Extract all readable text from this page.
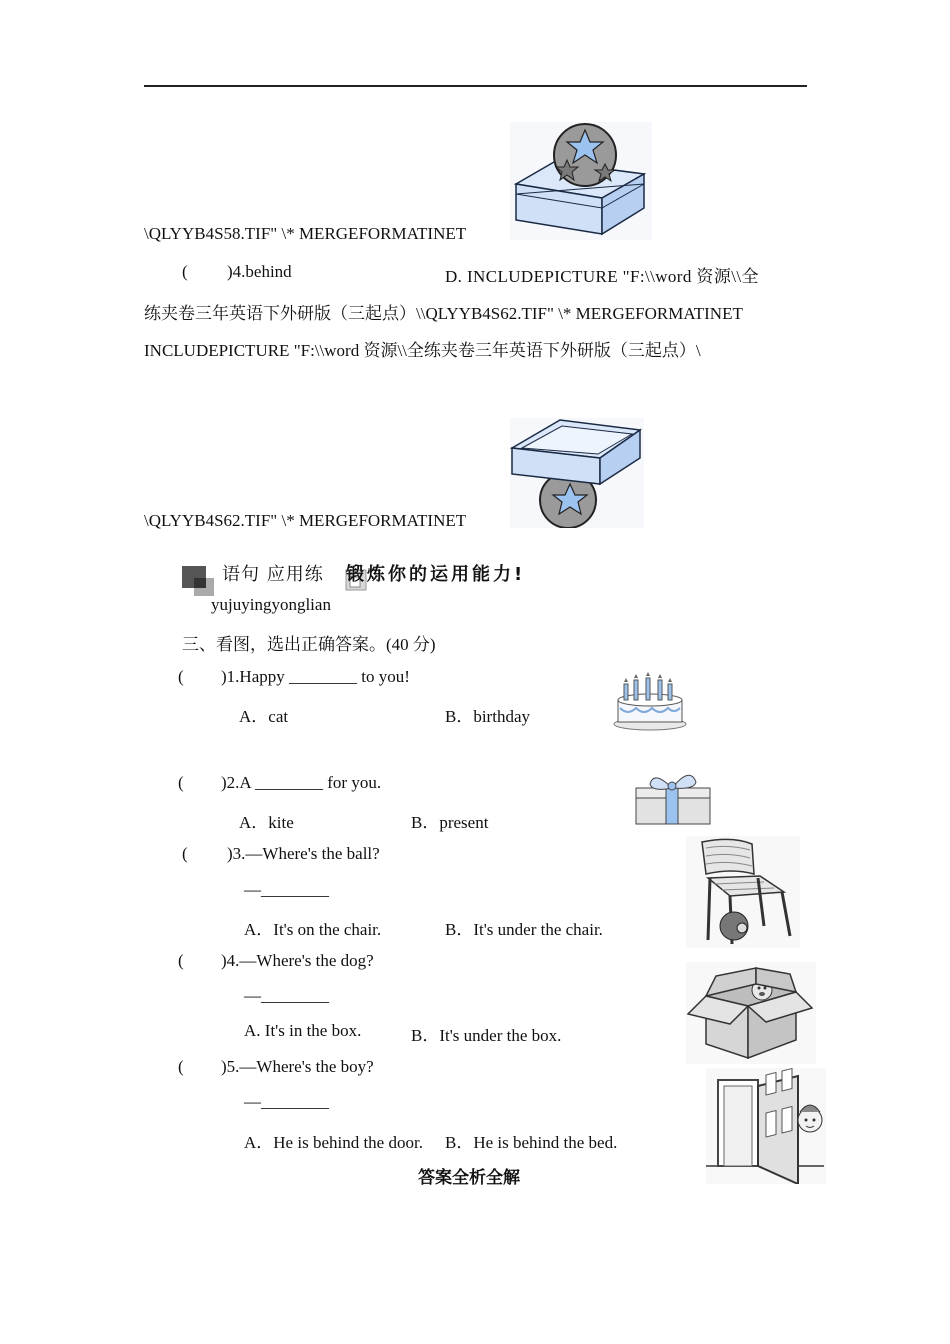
\QLYYB4S58.TIF" \* MERGEFORMATINET
( )4.behind	D. INCLUDEPICTURE "F:\\word 资源\\全
练夹卷三年英语下外研版（三起点）\\QLYYB4S62.TIF" \* MERGEFORMATINET
INCLUDEPICTURE "F:\\word 资源\\全练夹卷三年英语下外研版（三起点）\
\QLYYB4S62.TIF" \* MERGEFORMATINET
语句 应用练 锻炼你的运用能力!
yujuyingyonglian
三、看图，选出正确答案。(40 分)
( )1.Happy ________ to you!
A．cat	B．birthday
( )2.A ________ for you.
A．kite	B．present
( )3.—Where's the ball?
—________
A．It's on the chair.	B．It's under the chair.
( )4.—Where's the dog?
—________
A. It's in the box.	B．It's under the box.
( )5.—Where's the boy?
—________
A．He is behind the door. B．He is behind the bed.
答案全析全解
